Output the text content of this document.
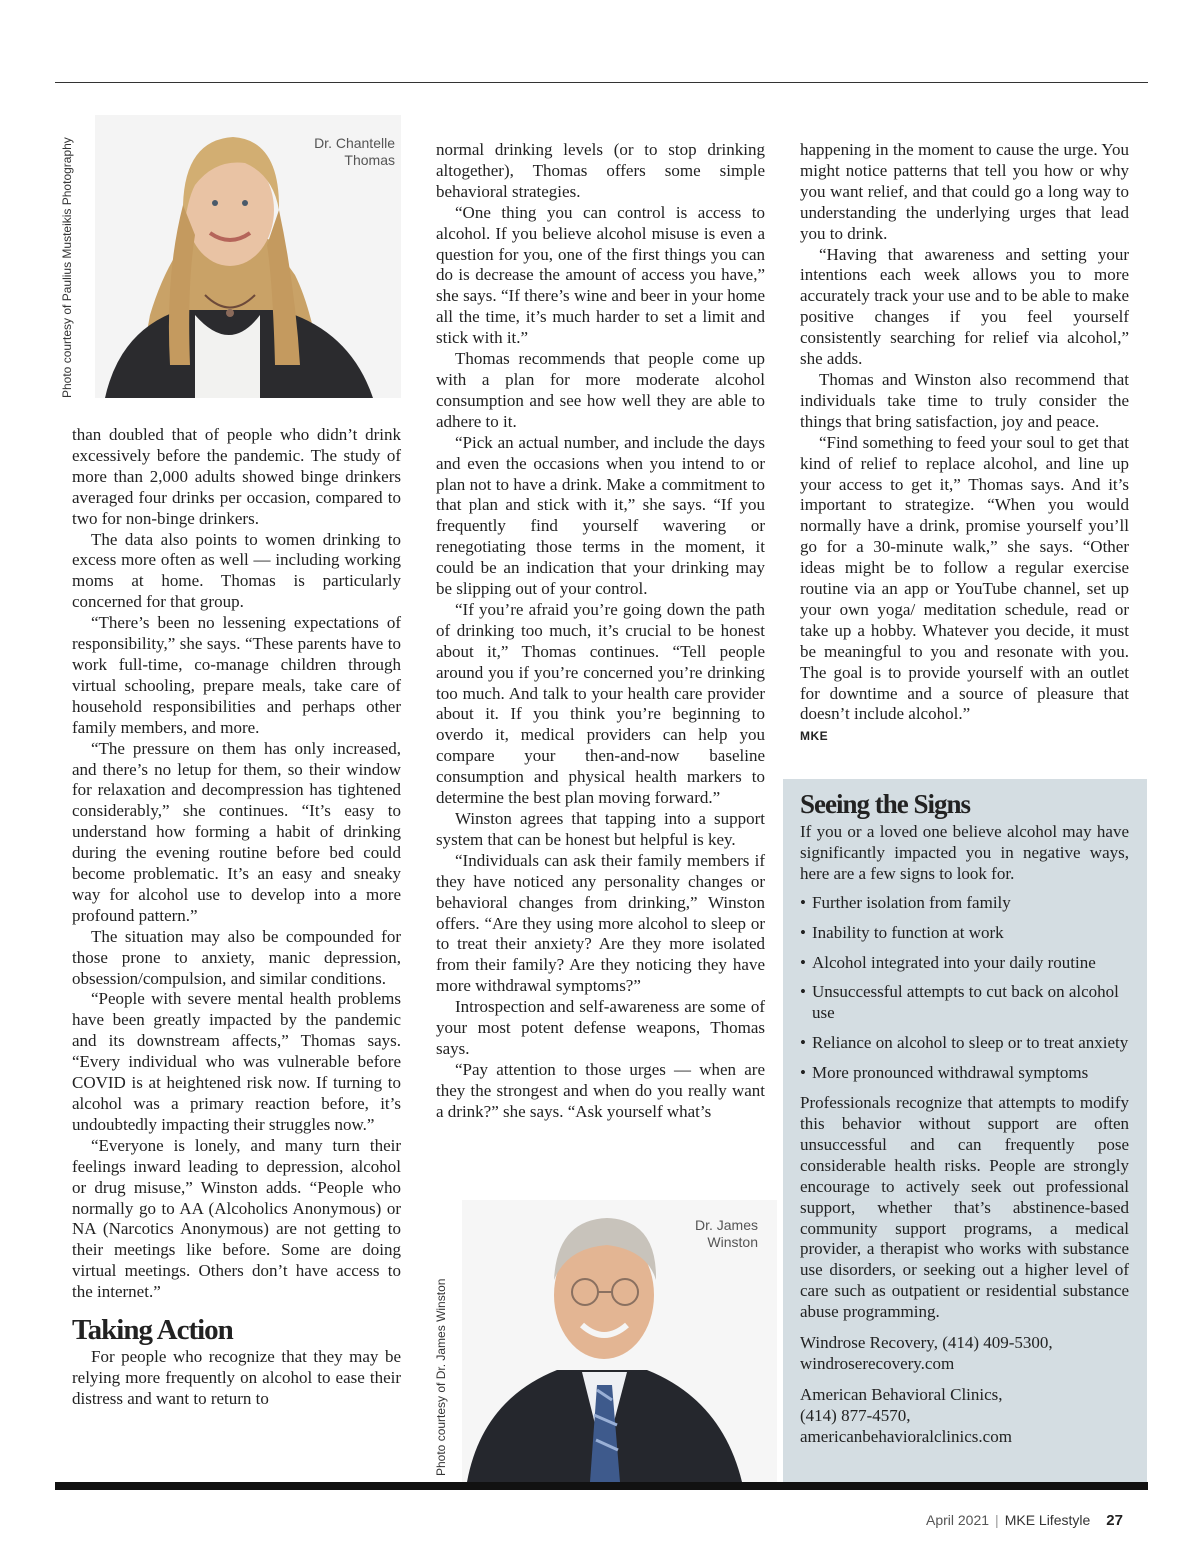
Dr. Chantelle
Thomas
Photo courtesy of Paulius Musteikis Photography

than doubled that of people who didn’t drink excessively before the pandemic. The study of more than 2,000 adults showed binge drinkers averaged four drinks per occasion, compared to two for non-binge drinkers.

The data also points to women drinking to excess more often as well — including working moms at home. Thomas is particularly concerned for that group.

“There’s been no lessening expectations of responsibility,” she says. “These parents have to work full-time, co-manage children through virtual schooling, prepare meals, take care of household responsibilities and perhaps other family members, and more.

“The pressure on them has only increased, and there’s no letup for them, so their window for relaxation and decompression has tightened considerably,” she continues. “It’s easy to understand how forming a habit of drinking during the evening routine before bed could become problematic. It’s an easy and sneaky way for alcohol use to develop into a more profound pattern.”

The situation may also be compounded for those prone to anxiety, manic depression, obsession/compulsion, and similar conditions.

“People with severe mental health problems have been greatly impacted by the pandemic and its downstream affects,” Thomas says. “Every individual who was vulnerable before COVID is at heightened risk now. If turning to alcohol was a primary reaction before, it’s undoubtedly impacting their struggles now.”

“Everyone is lonely, and many turn their feelings inward leading to depression, alcohol or drug misuse,” Winston adds. “People who normally go to AA (Alcoholics Anonymous) or NA (Narcotics Anonymous) are not getting to their meetings like before. Some are doing virtual meetings. Others don’t have access to the internet.”

Taking Action

For people who recognize that they may be relying more frequently on alcohol to ease their distress and want to return to

normal drinking levels (or to stop drinking altogether), Thomas offers some simple behavioral strategies.

“One thing you can control is access to alcohol. If you believe alcohol misuse is even a question for you, one of the first things you can do is decrease the amount of access you have,” she says. “If there’s wine and beer in your home all the time, it’s much harder to set a limit and stick with it.”

Thomas recommends that people come up with a plan for more moderate alcohol consumption and see how well they are able to adhere to it.

“Pick an actual number, and include the days and even the occasions when you intend to or plan not to have a drink. Make a commitment to that plan and stick with it,” she says. “If you frequently find yourself wavering or renegotiating those terms in the moment, it could be an indication that your drinking may be slipping out of your control.

“If you’re afraid you’re going down the path of drinking too much, it’s crucial to be honest about it,” Thomas continues. “Tell people around you if you’re concerned you’re drinking too much. And talk to your health care provider about it. If you think you’re beginning to overdo it, medical providers can help you compare your then-and-now baseline consumption and physical health markers to determine the best plan moving forward.”

Winston agrees that tapping into a support system that can be honest but helpful is key.

“Individuals can ask their family members if they have noticed any personality changes or behavioral changes from drinking,” Winston offers. “Are they using more alcohol to sleep or to treat their anxiety? Are they more isolated from their family? Are they noticing they have more withdrawal symptoms?”

Introspection and self-awareness are some of your most potent defense weapons, Thomas says.

“Pay attention to those urges — when are they the strongest and when do you really want a drink?” she says. “Ask yourself what’s

Dr. James
Winston
Photo courtesy of Dr. James Winston

happening in the moment to cause the urge. You might notice patterns that tell you how or why you want relief, and that could go a long way to understanding the underlying urges that lead you to drink.

“Having that awareness and setting your intentions each week allows you to more accurately track your use and to be able to make positive changes if you feel yourself consistently searching for relief via alcohol,” she adds.

Thomas and Winston also recommend that individuals take time to truly consider the things that bring satisfaction, joy and peace.

“Find something to feed your soul to get that kind of relief to replace alcohol, and line up your access to get it,” Thomas says. And it’s important to strategize. “When you would normally have a drink, promise yourself you’ll go for a 30-minute walk,” she says. “Other ideas might be to follow a regular exercise routine via an app or YouTube channel, set up your own yoga/ meditation schedule, read or take up a hobby. Whatever you decide, it must be meaningful to you and resonate with you. The goal is to provide yourself with an outlet for downtime and a source of pleasure that doesn’t include alcohol.”

MKE
Seeing the Signs

If you or a loved one believe alcohol may have significantly impacted you in negative ways, here are a few signs to look for.

• Further isolation from family
• Inability to function at work
• Alcohol integrated into your daily routine
• Unsuccessful attempts to cut back on alcohol use
• Reliance on alcohol to sleep or to treat anxiety
• More pronounced withdrawal symptoms

Professionals recognize that attempts to modify this behavior without support are often unsuccessful and can frequently pose considerable health risks. People are strongly encourage to actively seek out professional support, whether that’s abstinence-based community support programs, a medical provider, a therapist who works with substance use disorders, or seeking out a higher level of care such as outpatient or residential substance abuse programming.

Windrose Recovery, (414) 409-5300,
windroserecovery.com
American Behavioral Clinics,
(414) 877-4570,
americanbehavioralclinics.com
April 2021 | MKE Lifestyle 27
